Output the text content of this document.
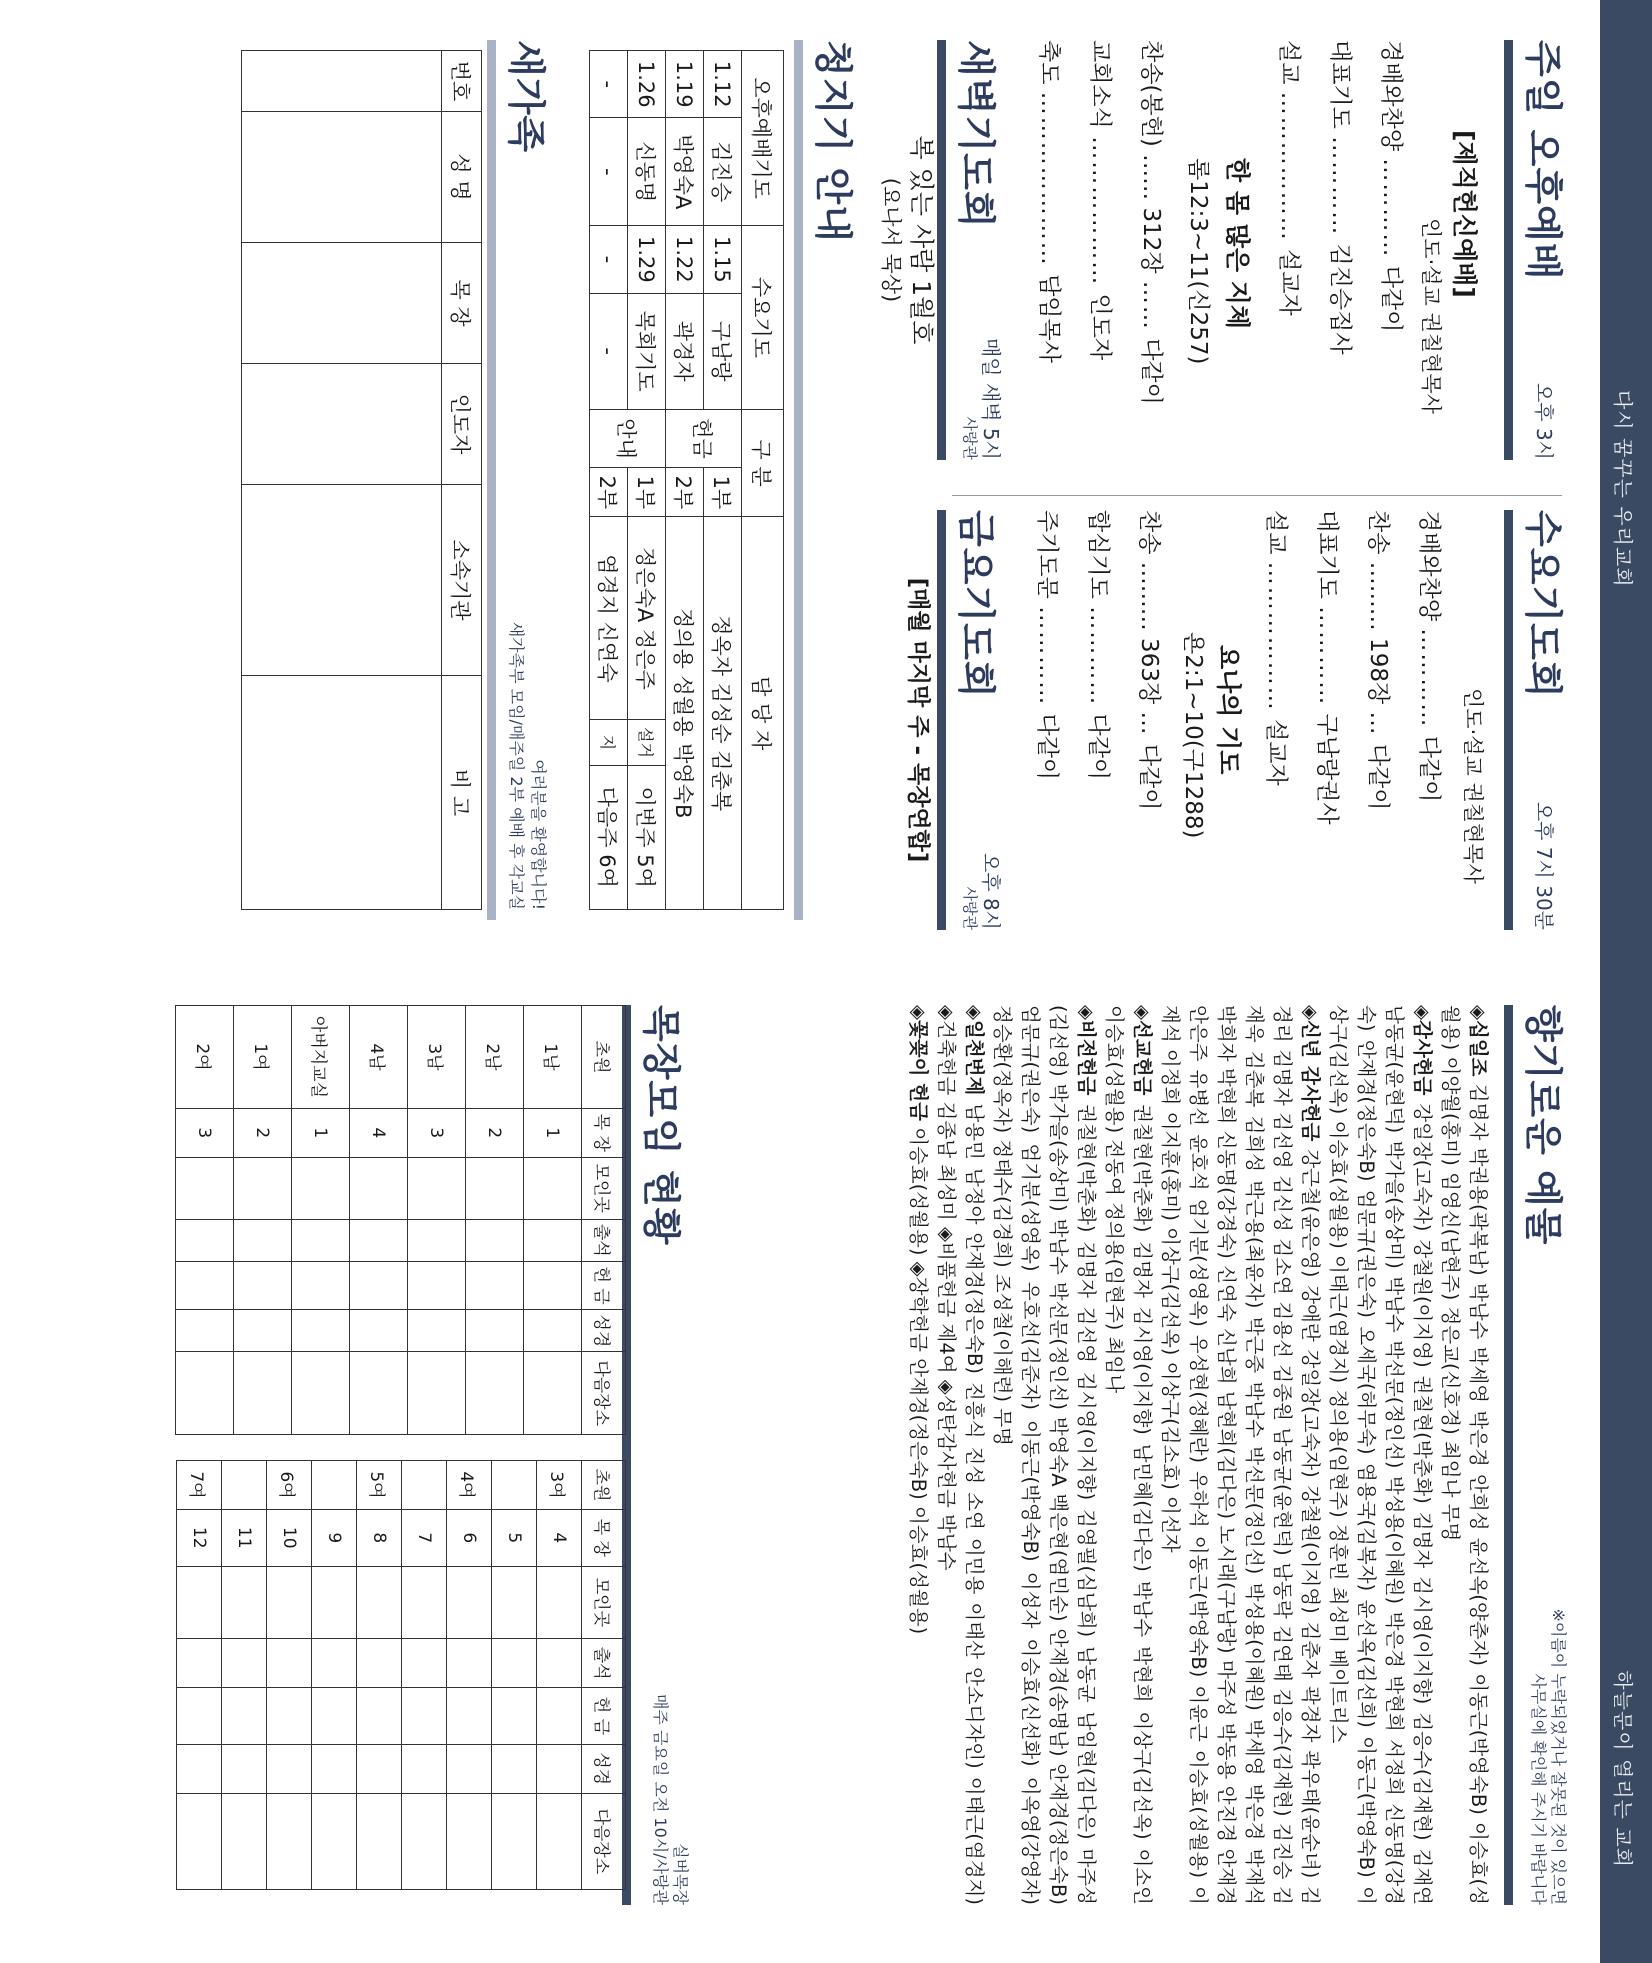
다시 꿈꾸는 우리교회
하늘문이 열리는 교회
주일 오후예배
오후 3시
[제직헌신예배]
인도·설교 권칠현목사
경배와찬양 ………… 다같이
대표기도 ………… 김진승집사
설교 ……………… 설교자
한 몸 많은 지체
롬12:3~11(신257)
찬송(봉헌) …… 312장 …… 다같이
교회소식 ……………… 인도자
축도 ………………… 담임목사
수요기도회
오후 7시 30분
인도·설교 권칠현목사
경배와찬양 ………… 다같이
찬송 ……… 198장 … 다같이
대표기도 ………… 구남랑권사
설교 ……………… 설교자
요나의 기도
욘2:1~10(구1288)
찬송 ……… 363장 … 다같이
합심기도 ………… 다같이
주기도문 ………… 다같이
새벽기도회
매일 새벽 5시
사랑관
복 있는 사람 1월호
(요나서 묵상)
금요기도회
오후 8시
사랑관
[매월 마지막 주 - 목장연합]
청지기 안내
오후예배기도		수요기도		구 분		담 당 자		
1.12	김진승	1.15	구남랑	헌금	1부	정옥자 김성순 김춘복		
1.19	박영숙A	1.22	곽경자		2부	정의용 성월용 박영숙B		
1.26	신동명	1.29	목회기도	안내	1부	정은숙A 정은주	설거	이번주 5여
-	-	-	-		2부	염경지 신연숙	지	다음주 6여
새가족
여러분을 환영합니다!
새가족부 모임/매주일 2부 예배 후 각교실
번호	성 명	목 장	인도자	소속기관	비 고

향기로운 예물
※이름이 누락되었거나 잘못된 것이 있으면
사무실에 확인해 주시기 바랍니다

◈십일조 김명자 박권용(곽복남) 박남수 박세영 박은경 안희성 윤선옥(양춘자) 이동근(박영숙B) 이승효(성월용) 이양월(홍미) 임영신(남현주) 정은교(신호경) 최임나 무명

◈감사헌금 강일장(고숙자) 강철원(이지영) 권칠현(박춘화) 김명자 김시영(이지향) 김응수(김재현) 김재연 남동균(윤현덕) 박가을(송상미) 박남수 박선문(정인선) 박성용(이혜원) 박은경 박현희 서정희 신동명(강경숙) 안재경(정은숙B) 엄문규(권은숙) 오세국(허무숙) 염용국(김복자) 윤선옥(김선희) 이동근(박영숙B) 이상구(김선옥) 이승효(성월용) 이태근(염경지) 정의용(임현주) 정훈빈 최성미 베이트리스

◈신년 감사헌금 강근철(윤은영) 강애란 강일장(고숙자) 강철원(이지영) 김춘자 곽경자 곽우태(윤순녀) 김경리 김명자 김선영 김신성 김소연 김용선 김종원 남동균(윤현덕) 남동락 김연태 김응수(김재현) 김진승 김재욱 김춘복 김희성 박근용(최윤자) 박근중 박남수 박선문(정인선) 박성용(이혜원) 박세영 박은경 박재석 박희자 박현희 신동명(강경숙) 신연숙 신남희 남현희(김다은) 노시래(구남랑) 마주성 박동용 안진경 안재경 안은주 유병선 윤호석 엄기분(성영옥) 우성현(정혜란) 우하석 이동근(박영숙B) 이윤근 이승효(성월용) 이재석 이정희 이지훈(홍미) 이상구(김선옥) 이상구(김소효) 이선자

◈선교헌금 권칠현(박춘화) 김명자 김시영(이지향) 남민혜(김다은) 박남수 박현희 이상구(김선옥) 이소인 이승효(성월용) 전동여 정의용(임현주) 최임나

◈비전헌금 권칠현(박춘화) 김명자 김선영 김시영(이지향) 김영필(심남희) 남동균 남임현(김다은) 마주성(김선영) 박가을(송상미) 박남수 박선문(정인선) 박영숙A 백은현(염민순) 안재경(송명남) 안재경(정은숙B) 엄문규(권은숙) 엄기분(성영옥) 우호선(김준자) 이동근(박영숙B) 이성자 이승효(신선화) 이옥영(강영자) 정승환(정옥자) 정태수(김경희) 조성철(이해련) 무명

◈일천번제 남용민 남정아 안재경(정은숙B) 진흥식 진성 소연 이민용 이태산 안소디자인) 이태근(염경지) ◈건축헌금 김종남 최성미 ◈비품헌금 제4여 ◈성탄감사헌금 박남수

◈꽃꽂이 헌금 이승효(성월용) ◈장학헌금 안재경(정은숙B) 이승효(성월용)

목장모임 현황
실버목장
매주 금요일 오전 10시/사랑관
초원	목 장	모인곳	출석	헌 금	성경	다음장소
1남	1					
2남	2					
3남	3					
4남	4					
아버지교실	1					
1여	2					
2여	3					
초원	목 장	모인곳	출석	헌 금	성경	다음장소
3여	4					
	5					
4여	6					
	7					
5여	8					
	9					
6여	10					
	11					
7여	12					
